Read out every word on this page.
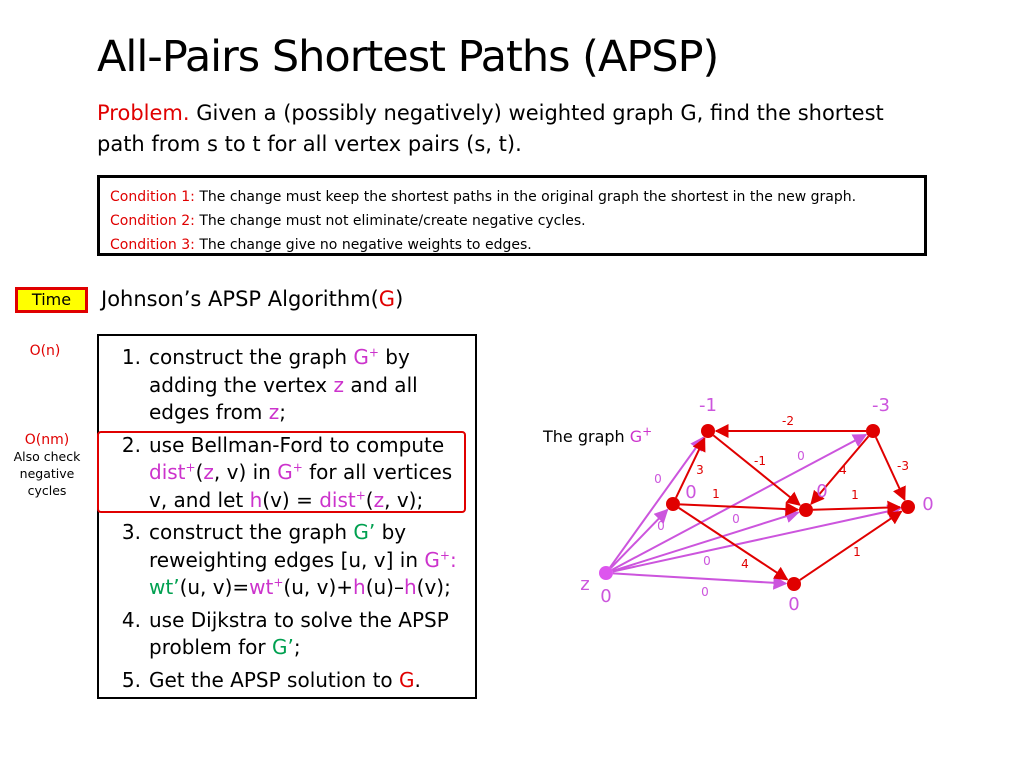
All-Pairs Shortest Paths (APSP)
Problem. Given a (possibly negatively) weighted graph G, find the shortest path from s to t for all vertex pairs (s, t).
Condition 1: The change must keep the shortest paths in the original graph the shortest in the new graph.
Condition 2: The change must not eliminate/create negative cycles.
Condition 3: The change give no negative weights to edges.
Time	Johnson’s APSP Algorithm(G)
O(n)
O(nm)
Also check negative cycles
1. construct the graph G+ by adding the vertex z and all edges from z;
2. use Bellman-Ford to compute dist+(z, v) in G+ for all vertices v, and let h(v) = dist+(z, v);
3. construct the graph G’ by reweighting edges [u, v] in G+: wt’(u, v)=wt+(u, v)+h(u)–h(v);
4. use Dijkstra to solve the APSP problem for G’;
5. Get the APSP solution to G.
The graph G+
0
0
0
0
0
0
3
1
4
-2
4	-3
-1
1
1
0
-1	-3
0
0
0
0
z
